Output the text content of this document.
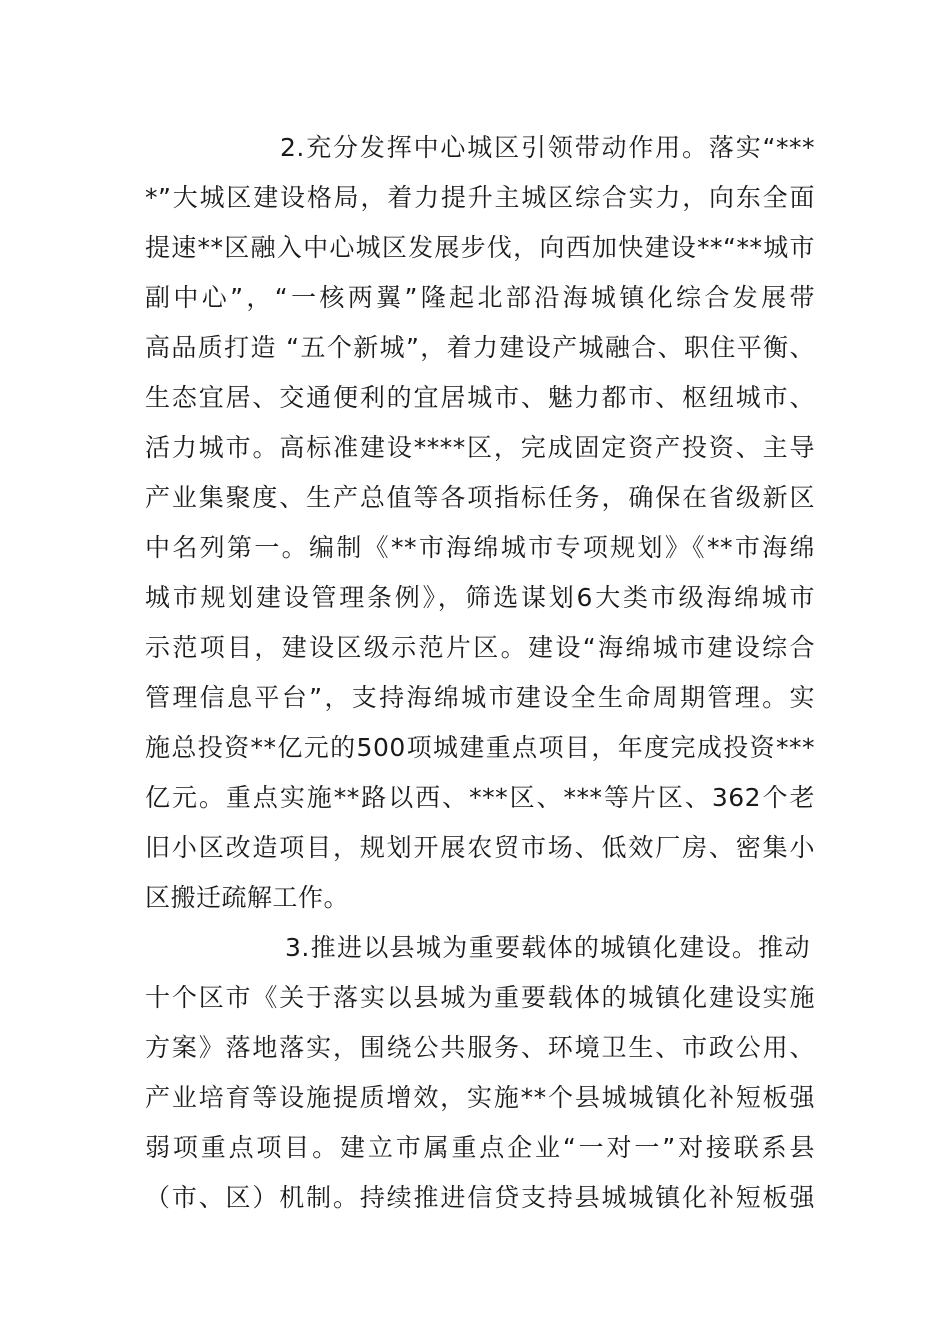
2.充分发挥中心城区引领带动作用。落实“***
*”大城区建设格局，着力提升主城区综合实力，向东全面
提速**区融入中心城区发展步伐，向西加快建设**“**城市
副中心”，“一核两翼”隆起北部沿海城镇化综合发展带
高品质打造 “五个新城”，着力建设产城融合、职住平衡、
生态宜居、交通便利的宜居城市、魅力都市、枢纽城市、
活力城市。高标准建设****区，完成固定资产投资、主导
产业集聚度、生产总值等各项指标任务，确保在省级新区
中名列第一。编制《**市海绵城市专项规划》《**市海绵
城市规划建设管理条例》，筛选谋划6大类市级海绵城市
示范项目，建设区级示范片区。建设“海绵城市建设综合
管理信息平台”，支持海绵城市建设全生命周期管理。实
施总投资**亿元的500项城建重点项目，年度完成投资***
亿元。重点实施**路以西、***区、***等片区、362个老
旧小区改造项目，规划开展农贸市场、低效厂房、密集小
区搬迁疏解工作。
3.推进以县城为重要载体的城镇化建设。推动
十个区市《关于落实以县城为重要载体的城镇化建设实施
方案》落地落实，围绕公共服务、环境卫生、市政公用、
产业培育等设施提质增效，实施**个县城城镇化补短板强
弱项重点项目。建立市属重点企业“一对一”对接联系县
（市、区）机制。持续推进信贷支持县城城镇化补短板强
